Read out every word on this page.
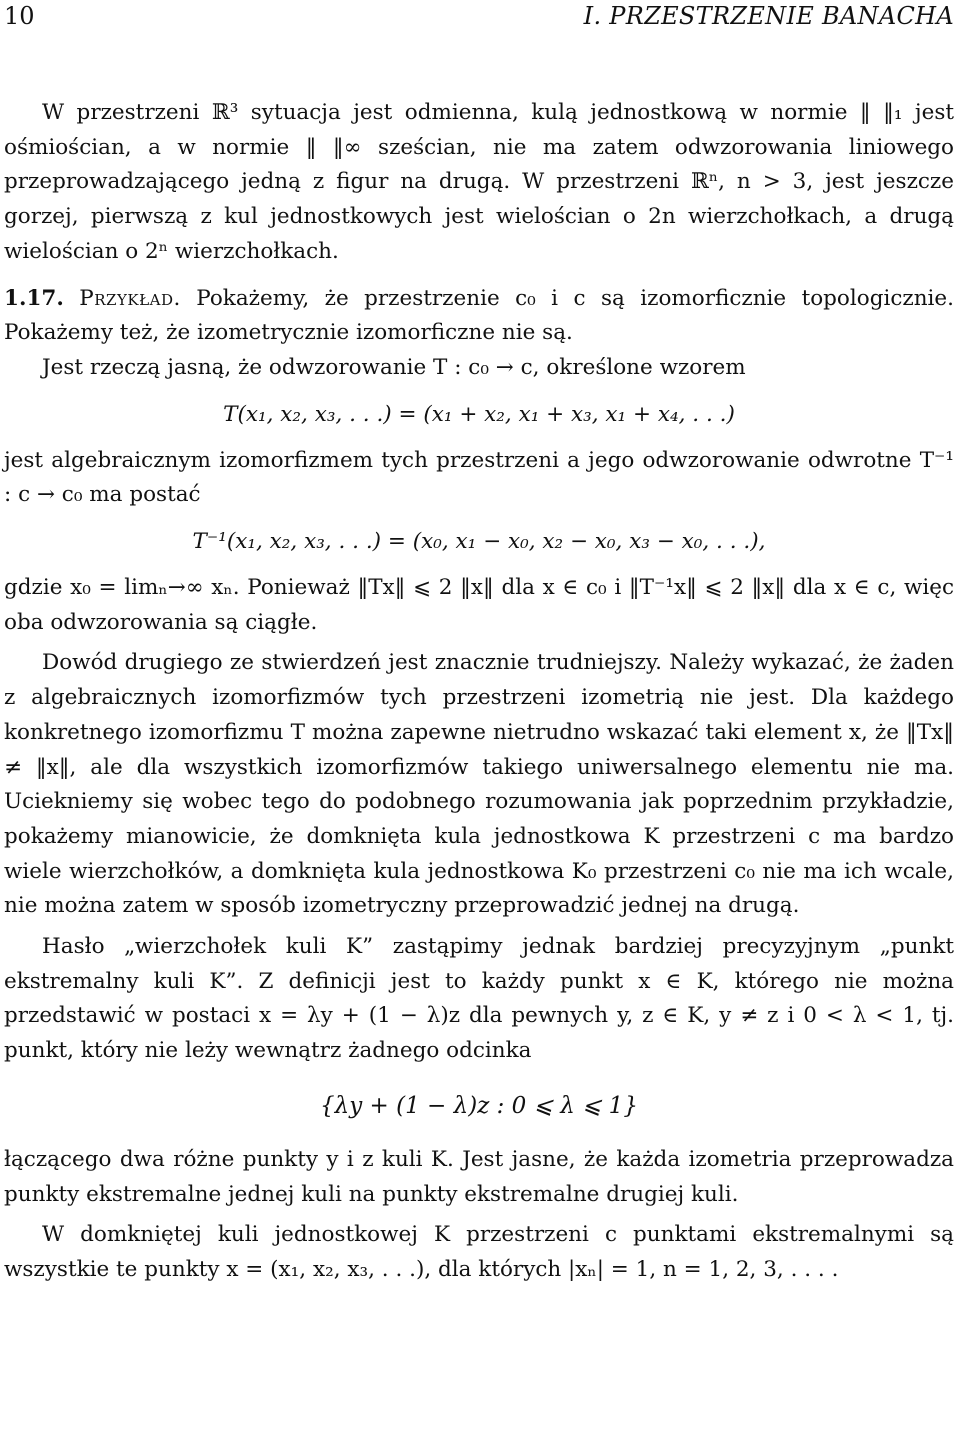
10	I. PRZESTRZENIE BANACHA

W przestrzeni ℝ³ sytuacja jest odmienna, kulą jednostkową w normie ‖ ‖₁ jest ośmiościan, a w normie ‖ ‖∞ sześcian, nie ma zatem odwzorowania liniowego przeprowadzającego jedną z figur na drugą. W przestrzeni ℝⁿ, n > 3, jest jeszcze gorzej, pierwszą z kul jednostkowych jest wielościan o 2n wierzchołkach, a drugą wielościan o 2ⁿ wierzchołkach.

1.17. Przykład. Pokażemy, że przestrzenie c₀ i c są izomorficznie topologicznie. Pokażemy też, że izometrycznie izomorficzne nie są.

Jest rzeczą jasną, że odwzorowanie T : c₀ → c, określone wzorem

T(x₁, x₂, x₃, . . .) = (x₁ + x₂, x₁ + x₃, x₁ + x₄, . . .)

jest algebraicznym izomorfizmem tych przestrzeni a jego odwzorowanie odwrotne T⁻¹ : c → c₀ ma postać

T⁻¹(x₁, x₂, x₃, . . .) = (x₀, x₁ − x₀, x₂ − x₀, x₃ − x₀, . . .),

gdzie x₀ = limₙ→∞ xₙ. Ponieważ ‖Tx‖ ⩽ 2 ‖x‖ dla x ∈ c₀ i ‖T⁻¹x‖ ⩽ 2 ‖x‖ dla x ∈ c, więc oba odwzorowania są ciągłe.

Dowód drugiego ze stwierdzeń jest znacznie trudniejszy. Należy wykazać, że żaden z algebraicznych izomorfizmów tych przestrzeni izometrią nie jest. Dla każdego konkretnego izomorfizmu T można zapewne nietrudno wskazać taki element x, że ‖Tx‖ ≠ ‖x‖, ale dla wszystkich izomorfizmów takiego uniwersalnego elementu nie ma. Uciekniemy się wobec tego do podobnego rozumowania jak poprzednim przykładzie, pokażemy mianowicie, że domknięta kula jednostkowa K przestrzeni c ma bardzo wiele wierzchołków, a domknięta kula jednostkowa K₀ przestrzeni c₀ nie ma ich wcale, nie można zatem w sposób izometryczny przeprowadzić jednej na drugą.

Hasło „wierzchołek kuli K” zastąpimy jednak bardziej precyzyjnym „punkt ekstremalny kuli K”. Z definicji jest to każdy punkt x ∈ K, którego nie można przedstawić w postaci x = λy + (1 − λ)z dla pewnych y, z ∈ K, y ≠ z i 0 < λ < 1, tj. punkt, który nie leży wewnątrz żadnego odcinka

{λy + (1 − λ)z : 0 ⩽ λ ⩽ 1}

łączącego dwa różne punkty y i z kuli K. Jest jasne, że każda izometria przeprowadza punkty ekstremalne jednej kuli na punkty ekstremalne drugiej kuli.

W domkniętej kuli jednostkowej K przestrzeni c punktami ekstremalnymi są wszystkie te punkty x = (x₁, x₂, x₃, . . .), dla których |xₙ| = 1, n = 1, 2, 3, . . . .
